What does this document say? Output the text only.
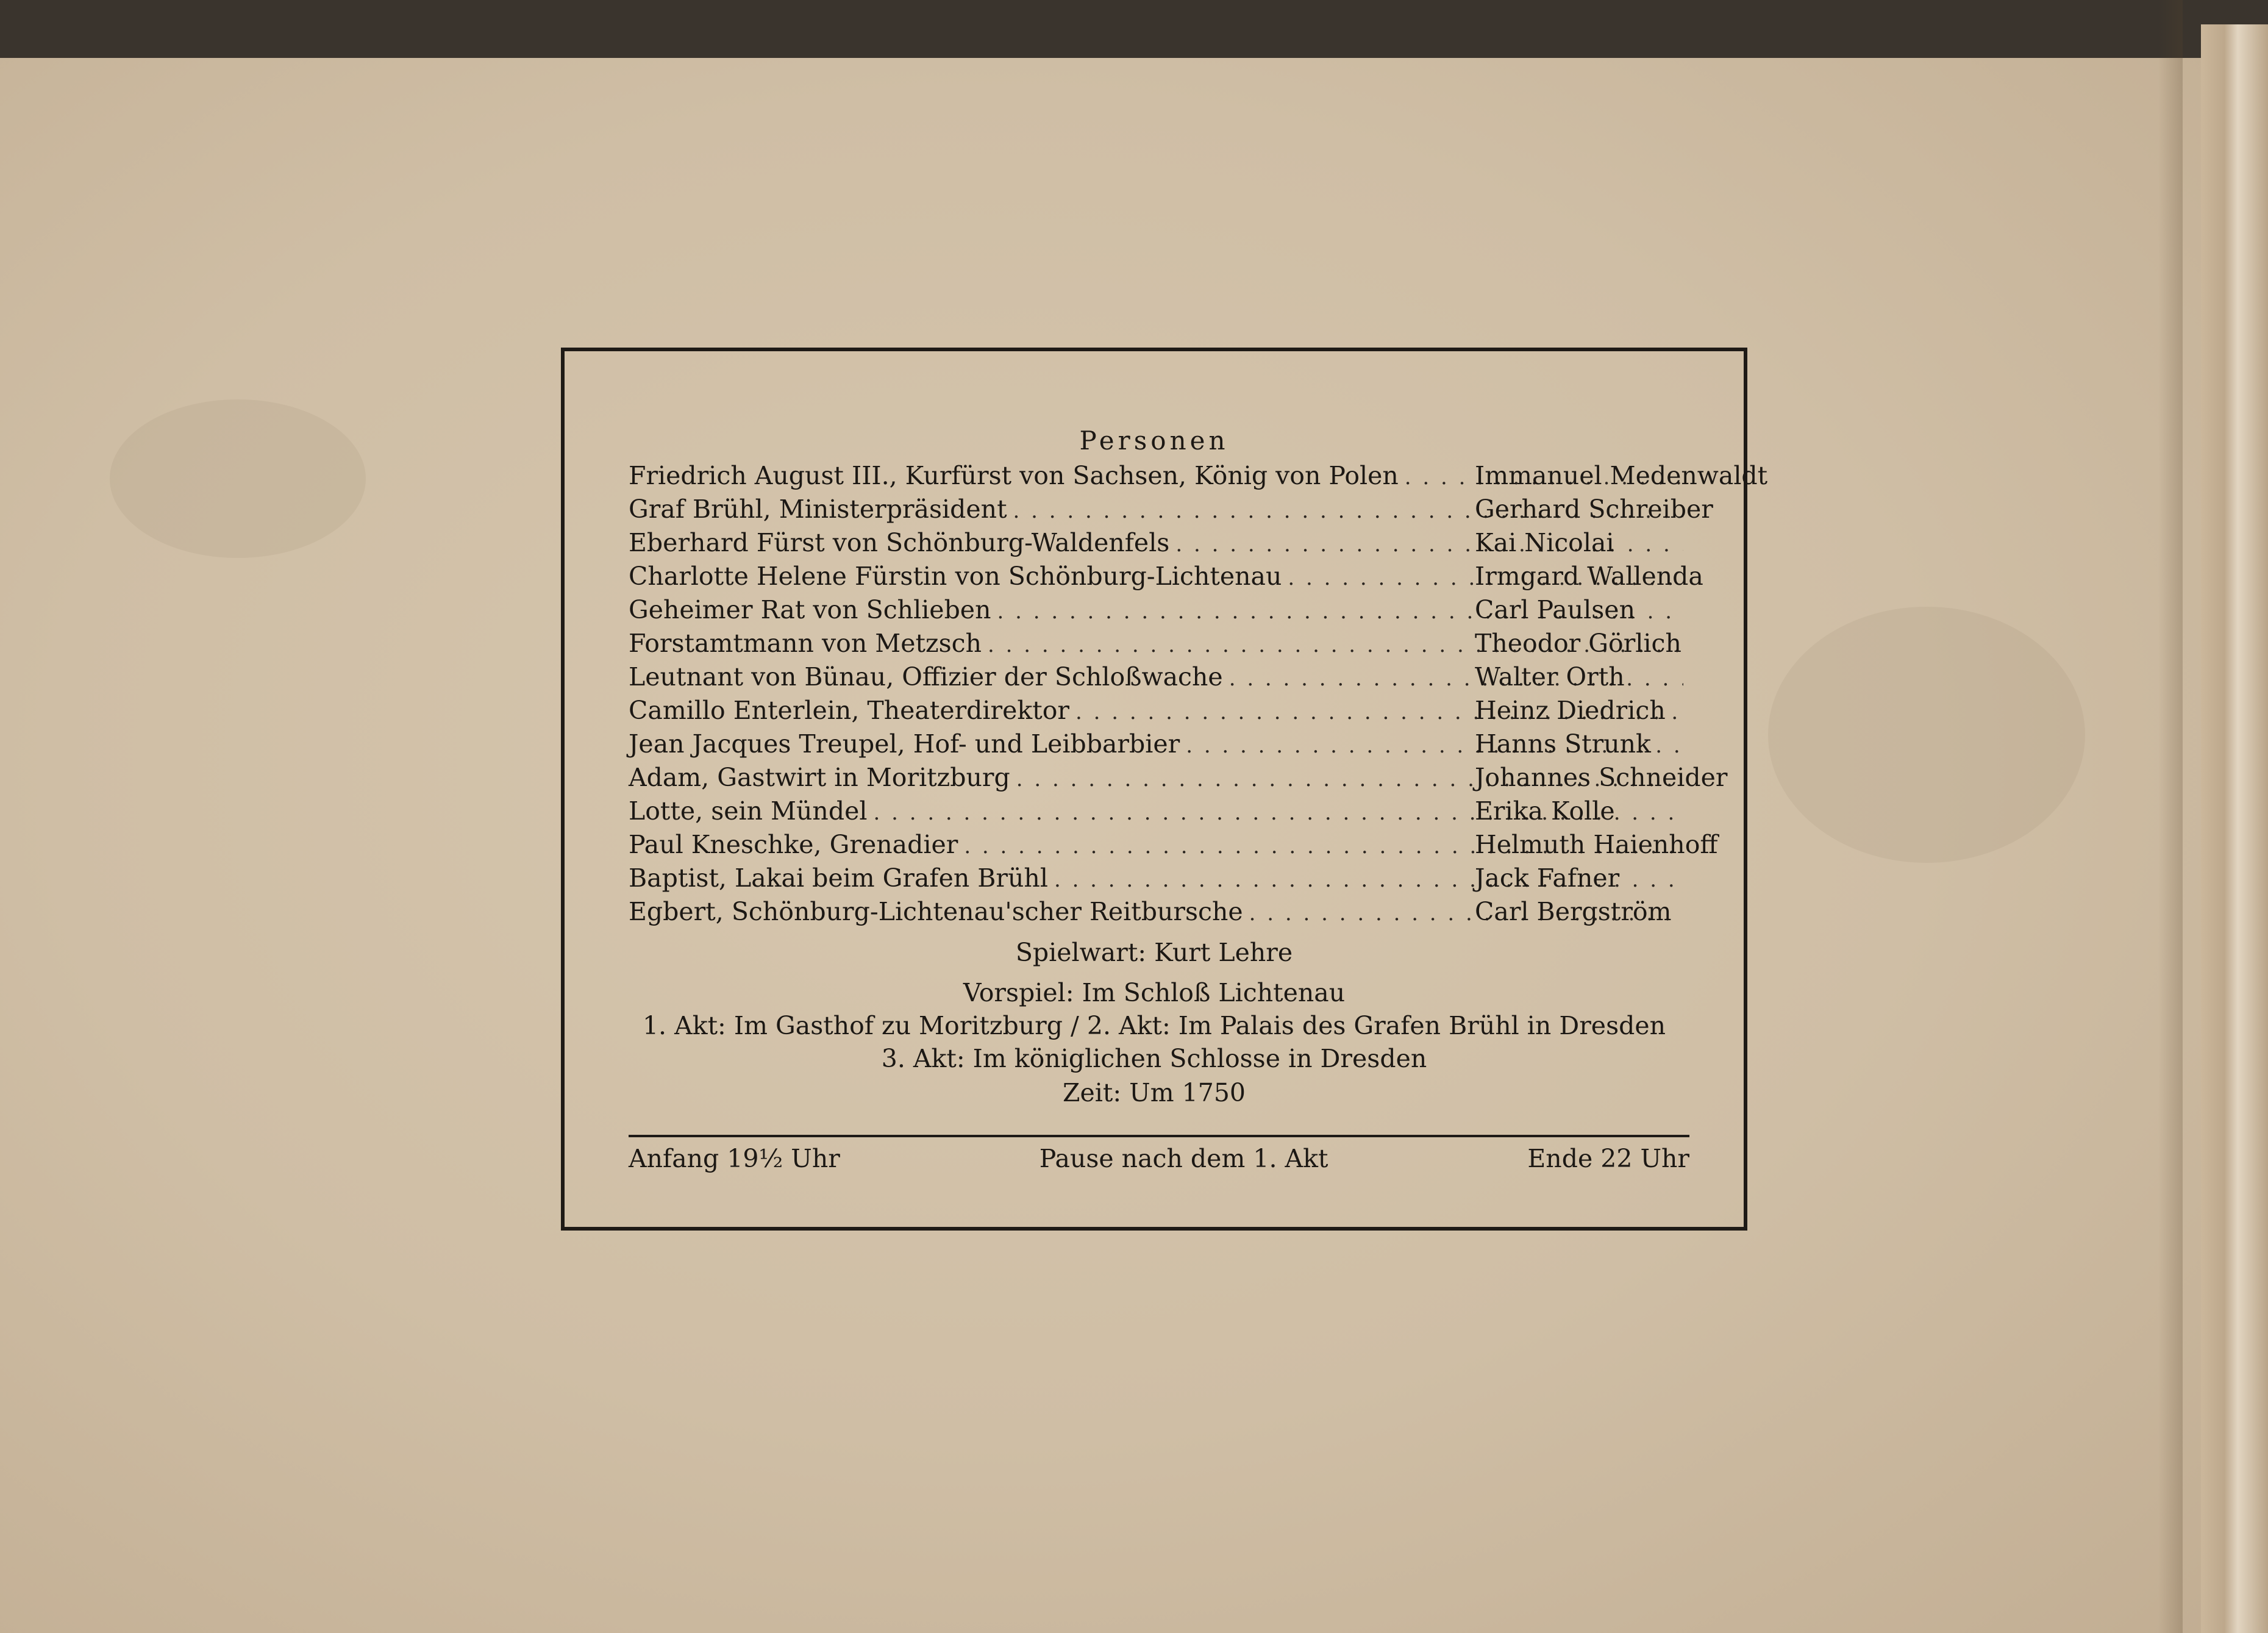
Personen
Friedrich August III., Kurfürst von Sachsen, König von Polen . . .	Immanuel Medenwaldt
Graf Brühl, Ministerpräsident . . .	Gerhard Schreiber
Eberhard Fürst von Schönburg-Waldenfels . . .	Kai Nicolai
Charlotte Helene Fürstin von Schönburg-Lichtenau . . .	Irmgard Wallenda
Geheimer Rat von Schlieben . . .	Carl Paulsen
Forstamtmann von Metzsch . . .	Theodor Görlich
Leutnant von Bünau, Offizier der Schloßwache . . .	Walter Orth
Camillo Enterlein, Theaterdirektor . . .	Heinz Diedrich
Jean Jacques Treupel, Hof- und Leibbarbier . . .	Hanns Strunk
Adam, Gastwirt in Moritzburg . . .	Johannes Schneider
Lotte, sein Mündel . . .	Erika Kolle
Paul Kneschke, Grenadier . . .	Helmuth Haienhoff
Baptist, Lakai beim Grafen Brühl . . .	Jack Fafner
Egbert, Schönburg-Lichtenau'scher Reitbursche . . .	Carl Bergström
Spielwart: Kurt Lehre
Vorspiel: Im Schloß Lichtenau
1. Akt: Im Gasthof zu Moritzburg / 2. Akt: Im Palais des Grafen Brühl in Dresden
3. Akt: Im königlichen Schlosse in Dresden
Zeit: Um 1750
Anfang 19½ Uhr	Pause nach dem 1. Akt	Ende 22 Uhr
